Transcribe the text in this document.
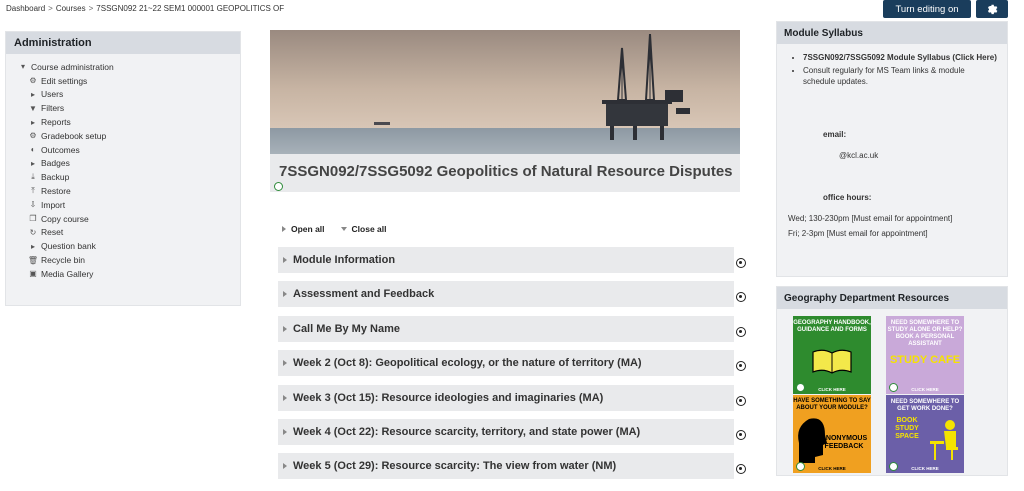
Dashboard > Courses > 7SSGN092 21~22 SEM1 000001 GEOPOLITICS OF	Turn editing on
Administration
▾ Course administration
⚙ Edit settings
▸ Users
▼ Filters
▸ Reports
⚙ Gradebook setup
◐ Outcomes
▸ Badges
⤓ Backup
⤒ Restore
⇩ Import
❐ Copy course
↻ Reset
▸ Question bank
🗑 Recycle bin
▣ Media Gallery
7SSGN092/7SSG5092 Geopolitics of Natural Resource Disputes
Open all	Close all
Module Information
Assessment and Feedback
Call Me By My Name
Week 2 (Oct 8): Geopolitical ecology, or the nature of territory (MA)
Week 3 (Oct 15): Resource ideologies and imaginaries (MA)
Week 4 (Oct 22): Resource scarcity, territory, and state power (MA)
Week 5 (Oct 29): Resource scarcity: The view from water (NM)
Module Syllabus
• 7SSGN092/7SSG5092 Module Syllabus (Click Here)
• Consult regularly for MS Team links & module schedule updates.
email:
@kcl.ac.uk
office hours:
Wed; 130-230pm [Must email for appointment]
Fri; 2-3pm [Must email for appointment]
Geography Department Resources
GEOGRAPHY HANDBOOK, GUIDANCE AND FORMS
CLICK HERE
NEED SOMEWHERE TO STUDY ALONE OR HELP? BOOK A PERSONAL ASSISTANT
STUDY CAFE
CLICK HERE
HAVE SOMETHING TO SAY ABOUT YOUR MODULE?
ANONYMOUS FEEDBACK
CLICK HERE
NEED SOMEWHERE TO GET WORK DONE?
BOOK STUDY SPACE
CLICK HERE
